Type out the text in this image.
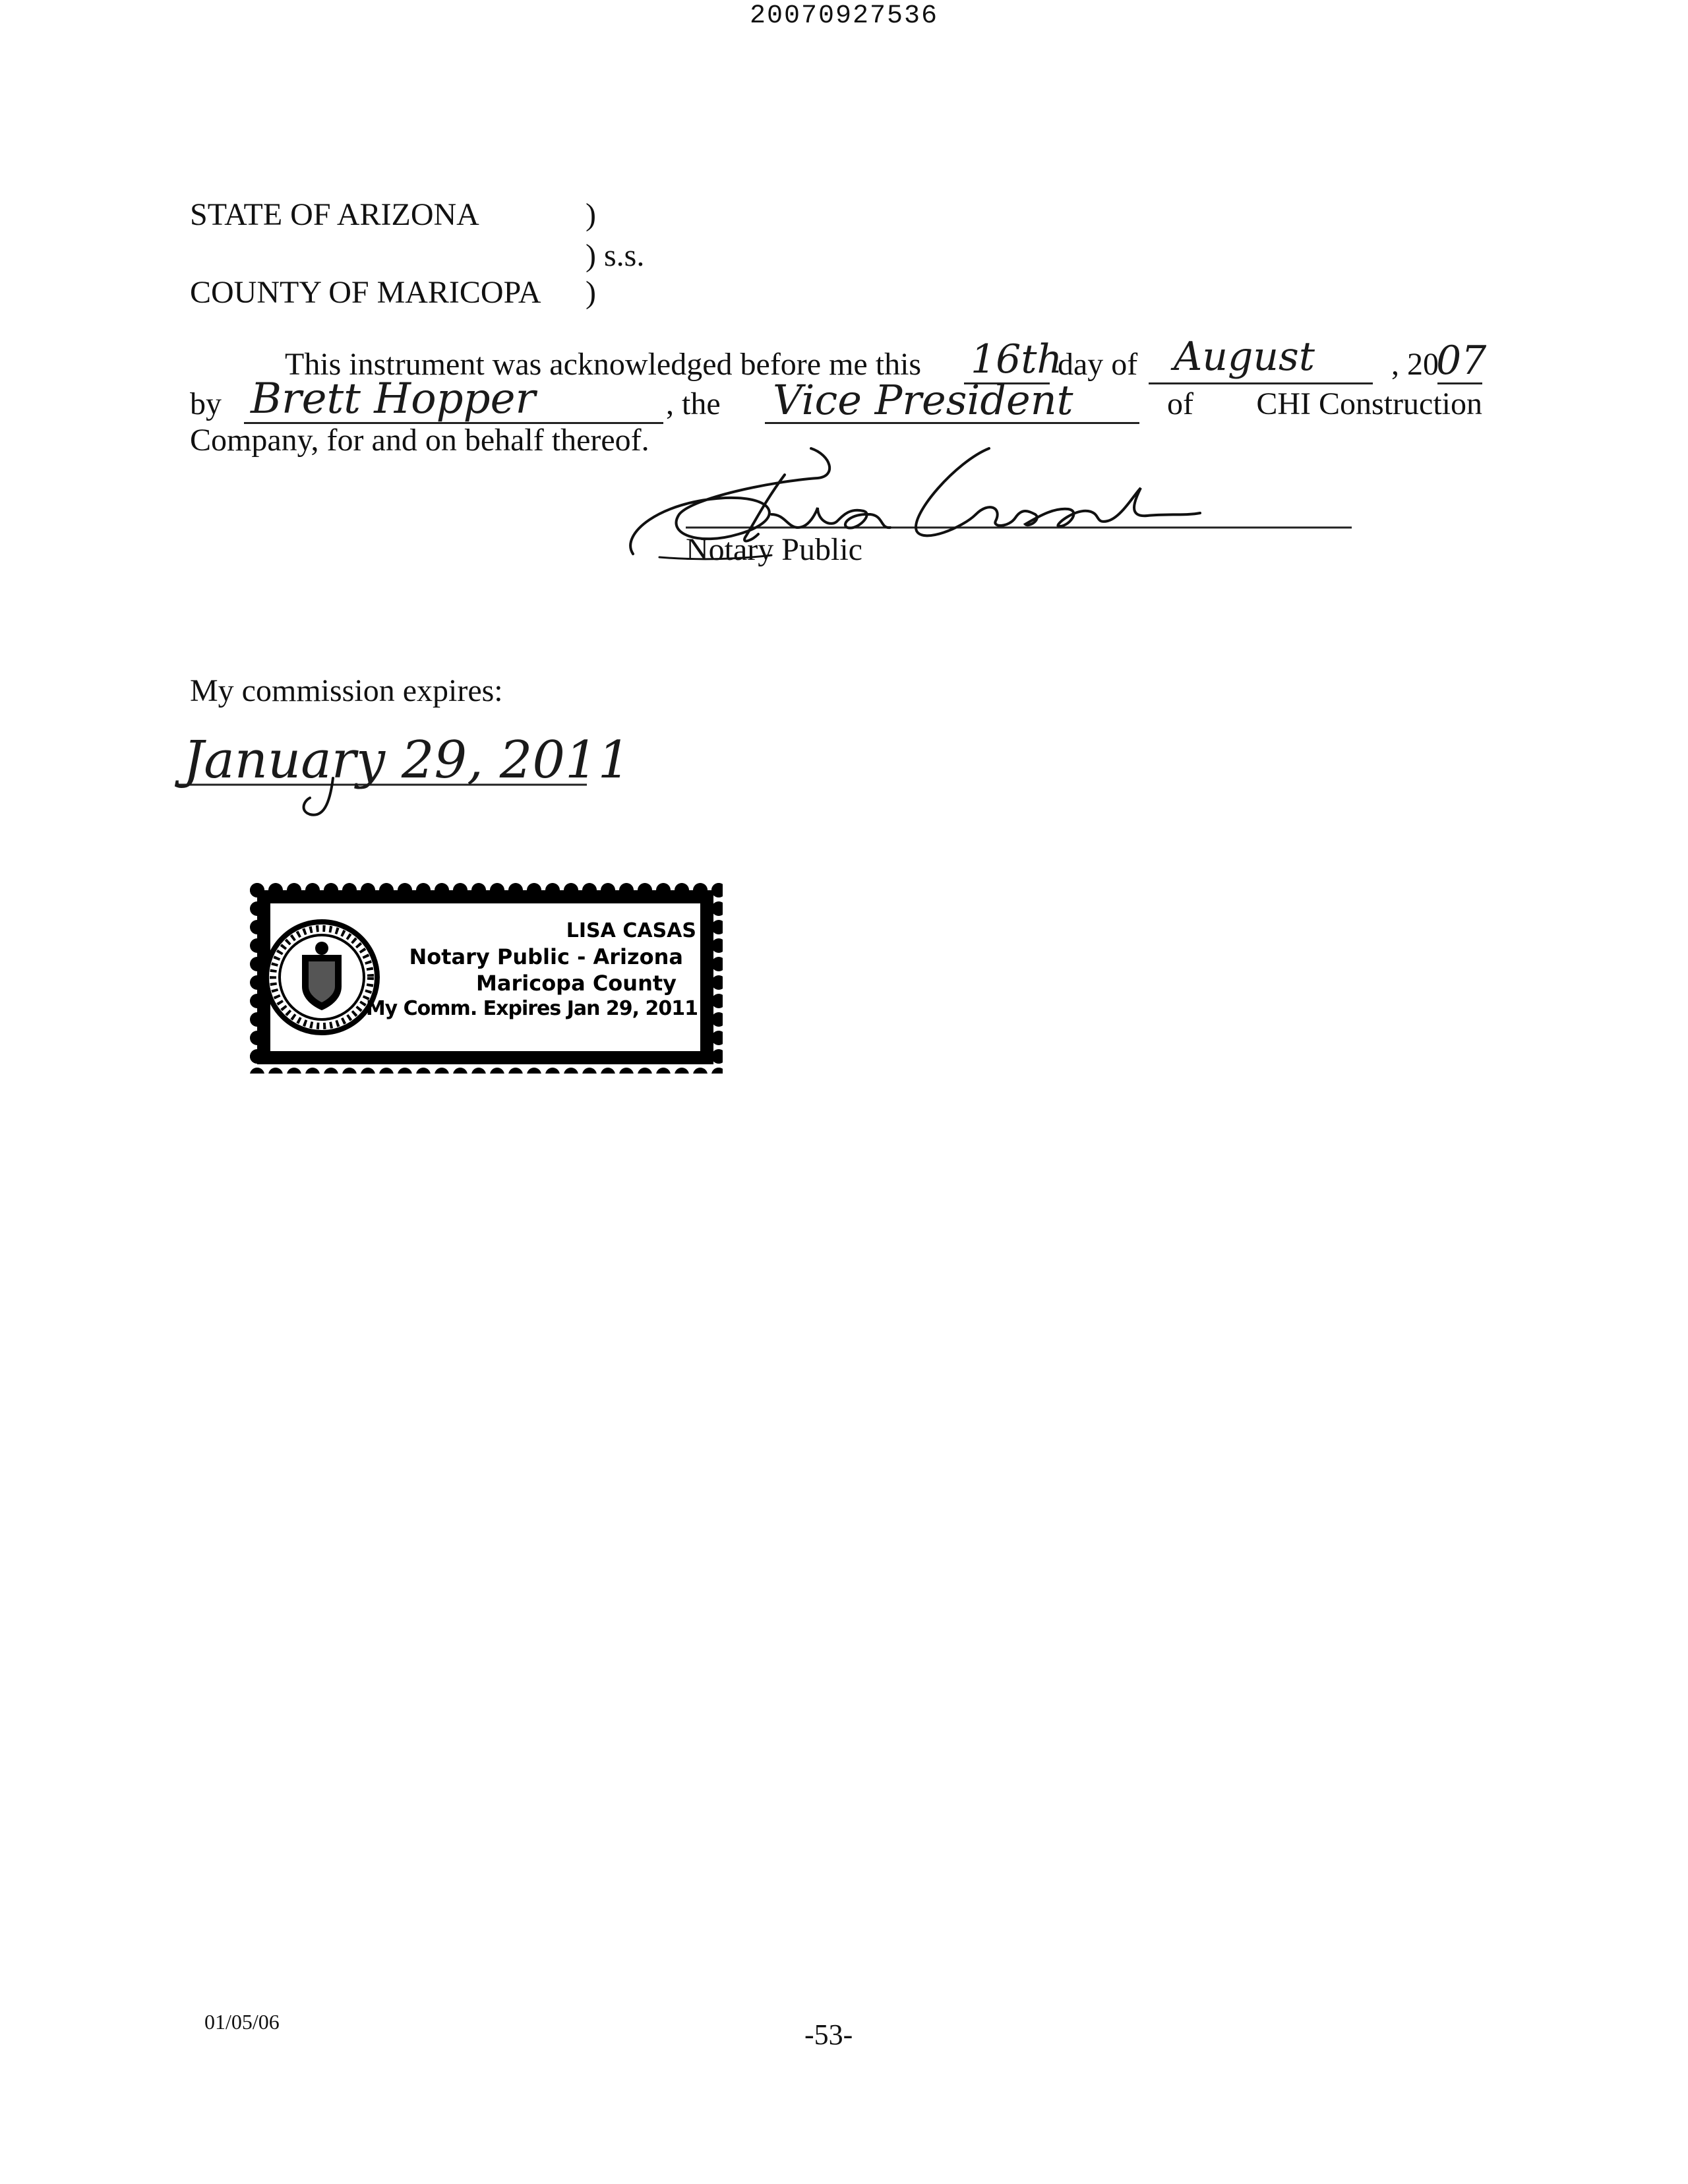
20070927536
STATE OF ARIZONA	)
) s.s.
COUNTY OF MARICOPA )
This instrument was acknowledged before me this	day of	, 20
by	, the	of	CHI Construction
Company, for and on behalf thereof.
16th	August	07
Brett Hopper	Vice President
Notary Public
My commission expires:
January 29, 2011
LISA CASAS
Notary Public - Arizona
Maricopa County
My Comm. Expires Jan 29, 2011
01/05/06	-53-
